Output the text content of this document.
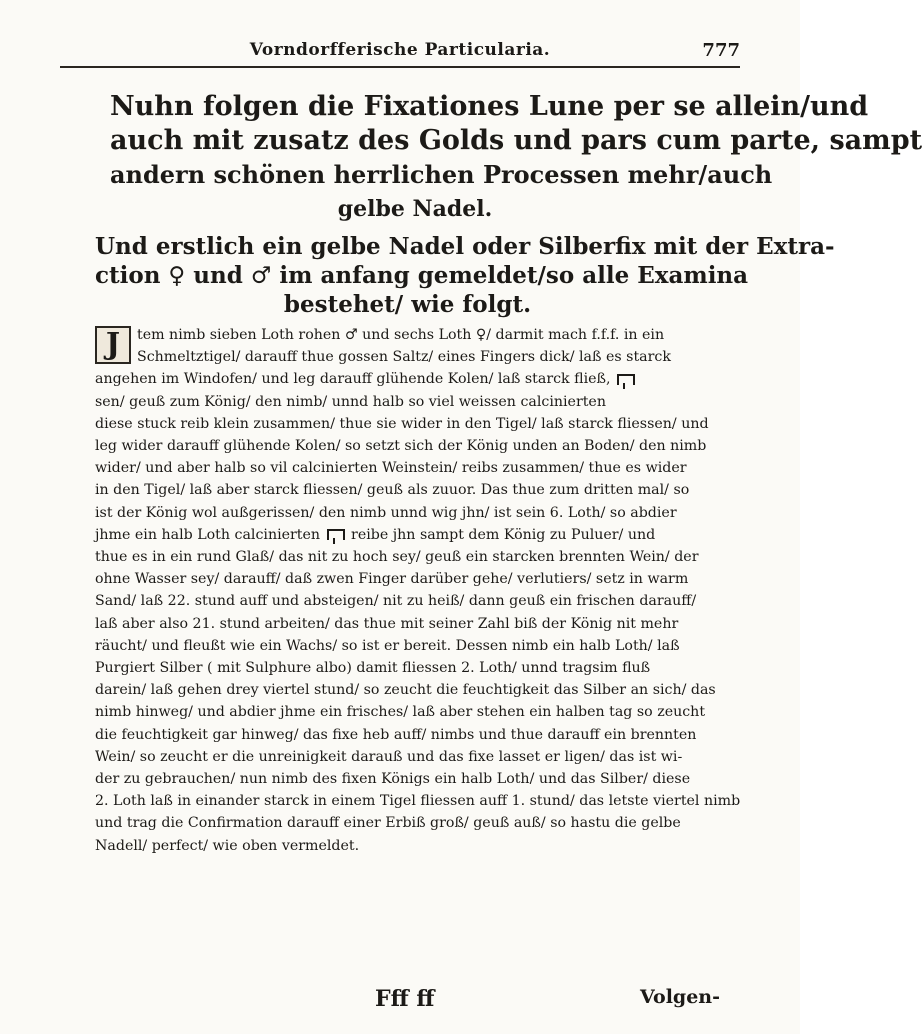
Vorndorfferische Particularia.	777
Nuhn folgen die Fixationes Lune per se allein/und
auch mit zusatz des Golds und pars cum parte, sampt
andern schönen herrlichen Processen mehr/auch
gelbe Nadel.
Und erstlich ein gelbe Nadel oder Silberfix mit der Extra-
ction ♀ und ♂ im anfang gemeldet/so alle Examina
bestehet/ wie folgt.
J	tem nimb sieben Loth rohen ♂ und sechs Loth ♀/ darmit mach f.f.f. in ein
Schmeltztigel/ darauff thue gossen Saltz/ eines Fingers dick/ laß es starck
angehen im Windofen/ und leg darauff glühende Kolen/ laß starck fließ,
sen/ geuß zum König/ den nimb/ unnd halb so viel weissen calcinierten
diese stuck reib klein zusammen/ thue sie wider in den Tigel/ laß starck fliessen/ und
leg wider darauff glühende Kolen/ so setzt sich der König unden an Boden/ den nimb
wider/ und aber halb so vil calcinierten Weinstein/ reibs zusammen/ thue es wider
in den Tigel/ laß aber starck fliessen/ geuß als zuuor. Das thue zum dritten mal/ so
ist der König wol außgerissen/ den nimb unnd wig jhn/ ist sein 6. Loth/ so abdier
jhme ein halb Loth calcinierten  reibe jhn sampt dem König zu Puluer/ und
thue es in ein rund Glaß/ das nit zu hoch sey/ geuß ein starcken brennten Wein/ der
ohne Wasser sey/ darauff/ daß zwen Finger darüber gehe/ verlutiers/ setz in warm
Sand/ laß 22. stund auff und absteigen/ nit zu heiß/ dann geuß ein frischen darauff/
laß aber also 21. stund arbeiten/ das thue mit seiner Zahl biß der König nit mehr
räucht/ und fleußt wie ein Wachs/ so ist er bereit. Dessen nimb ein halb Loth/ laß
Purgiert Silber ( mit Sulphure albo) damit fliessen 2. Loth/ unnd tragsim fluß
darein/ laß gehen drey viertel stund/ so zeucht die feuchtigkeit das Silber an sich/ das
nimb hinweg/ und abdier jhme ein frisches/ laß aber stehen ein halben tag so zeucht
die feuchtigkeit gar hinweg/ das fixe heb auff/ nimbs und thue darauff ein brennten
Wein/ so zeucht er die unreinigkeit darauß und das fixe lasset er ligen/ das ist wi-
der zu gebrauchen/ nun nimb des fixen Königs ein halb Loth/ und das Silber/ diese
2. Loth laß in einander starck in einem Tigel fliessen auff 1. stund/ das letste viertel nimb
und trag die Confirmation darauff einer Erbiß groß/ geuß auß/ so hastu die gelbe
Nadell/ perfect/ wie oben vermeldet.
Fff ff	Volgen-
